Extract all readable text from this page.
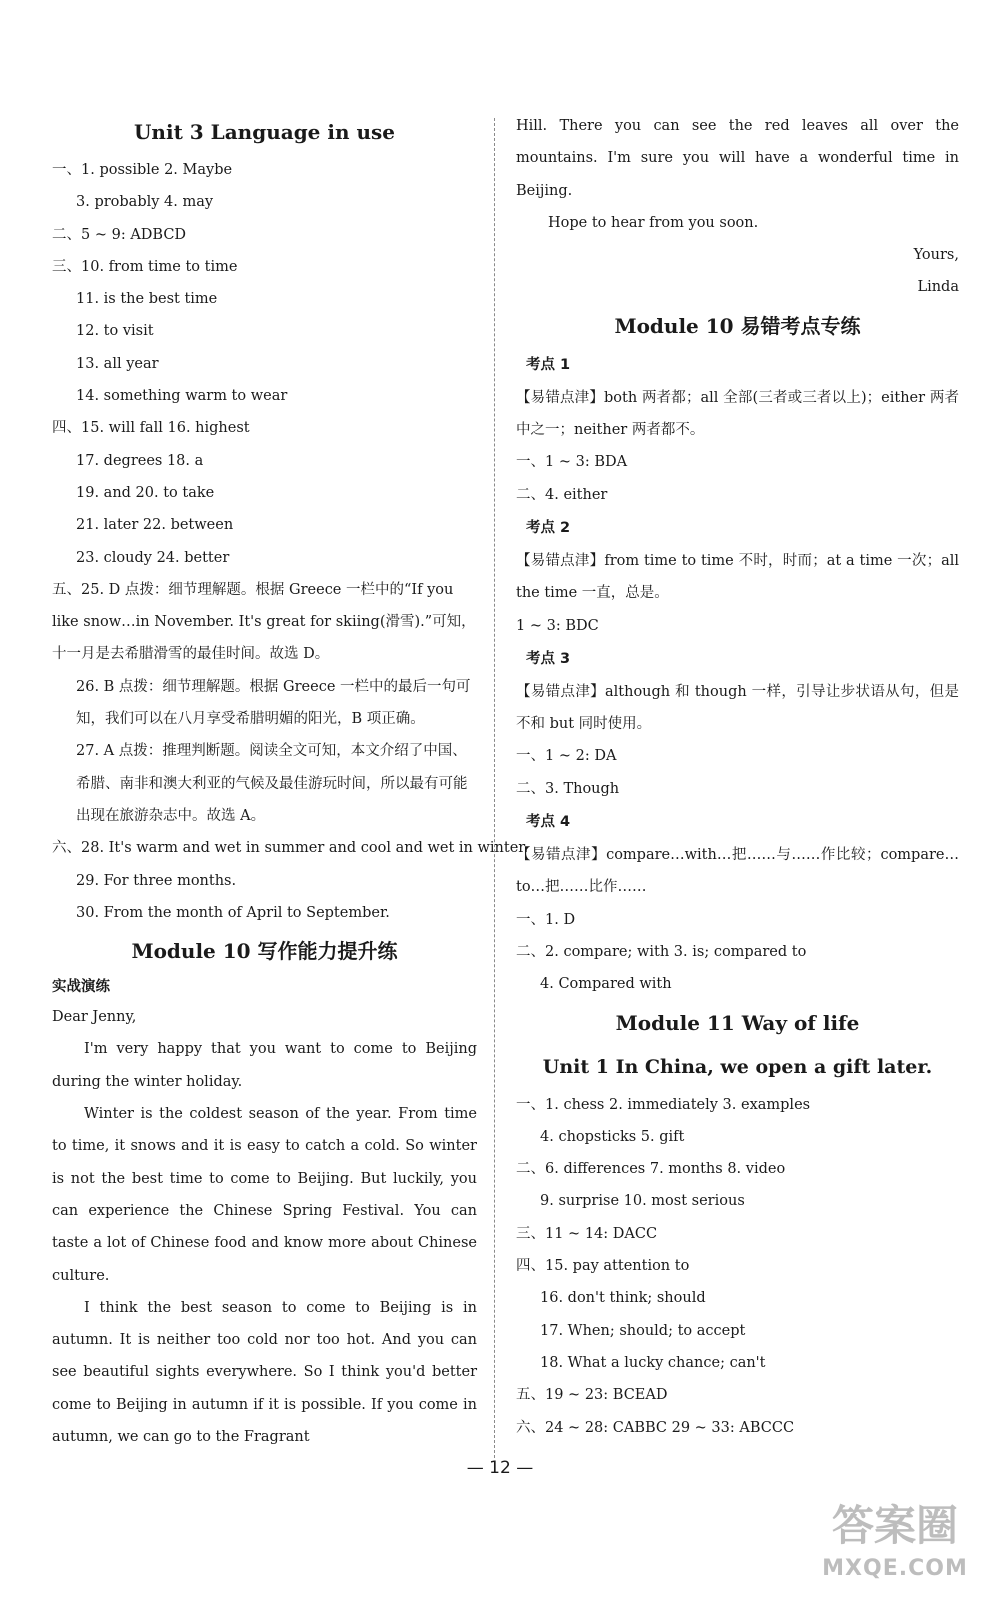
Unit 3 Language in use
一、1. possible 2. Maybe
3. probably 4. may
二、5 ~ 9: ADBCD
三、10. from time to time
11. is the best time
12. to visit
13. all year
14. something warm to wear
四、15. will fall 16. highest
17. degrees 18. a
19. and 20. to take
21. later 22. between
23. cloudy 24. better
五、25. D 点拨：细节理解题。根据 Greece 一栏中的“If you like snow…in November. It's great for skiing(滑雪).”可知，十一月是去希腊滑雪的最佳时间。故选 D。
26. B 点拨：细节理解题。根据 Greece 一栏中的最后一句可知，我们可以在八月享受希腊明媚的阳光，B 项正确。
27. A 点拨：推理判断题。阅读全文可知，本文介绍了中国、希腊、南非和澳大利亚的气候及最佳游玩时间，所以最有可能出现在旅游杂志中。故选 A。
六、28. It's warm and wet in summer and cool and wet in winter.
29. For three months.
30. From the month of April to September.
Module 10 写作能力提升练
实战演练
Dear Jenny,
I'm very happy that you want to come to Beijing during the winter holiday.
Winter is the coldest season of the year. From time to time, it snows and it is easy to catch a cold. So winter is not the best time to come to Beijing. But luckily, you can experience the Chinese Spring Festival. You can taste a lot of Chinese food and know more about Chinese culture.
I think the best season to come to Beijing is in autumn. It is neither too cold nor too hot. And you can see beautiful sights everywhere. So I think you'd better come to Beijing in autumn if it is possible. If you come in autumn, we can go to the Fragrant
Hill. There you can see the red leaves all over the mountains. I'm sure you will have a wonderful time in Beijing.
Hope to hear from you soon.
Yours,
Linda
Module 10 易错考点专练
考点 1
【易错点津】both 两者都；all 全部(三者或三者以上)；either 两者中之一；neither 两者都不。
一、1 ~ 3: BDA
二、4. either
考点 2
【易错点津】from time to time 不时，时而；at a time 一次；all the time 一直，总是。
1 ~ 3: BDC
考点 3
【易错点津】although 和 though 一样，引导让步状语从句，但是不和 but 同时使用。
一、1 ~ 2: DA
二、3. Though
考点 4
【易错点津】compare…with…把……与……作比较；compare…to…把……比作……
一、1. D
二、2. compare; with 3. is; compared to
4. Compared with
Module 11 Way of life
Unit 1 In China, we open a gift later.
一、1. chess 2. immediately 3. examples
4. chopsticks 5. gift
二、6. differences 7. months 8. video
9. surprise 10. most serious
三、11 ~ 14: DACC
四、15. pay attention to
16. don't think; should
17. When; should; to accept
18. What a lucky chance; can't
五、19 ~ 23: BCEAD
六、24 ~ 28: CABBC 29 ~ 33: ABCCC
— 12 —
答案圈
MXQE.COM
